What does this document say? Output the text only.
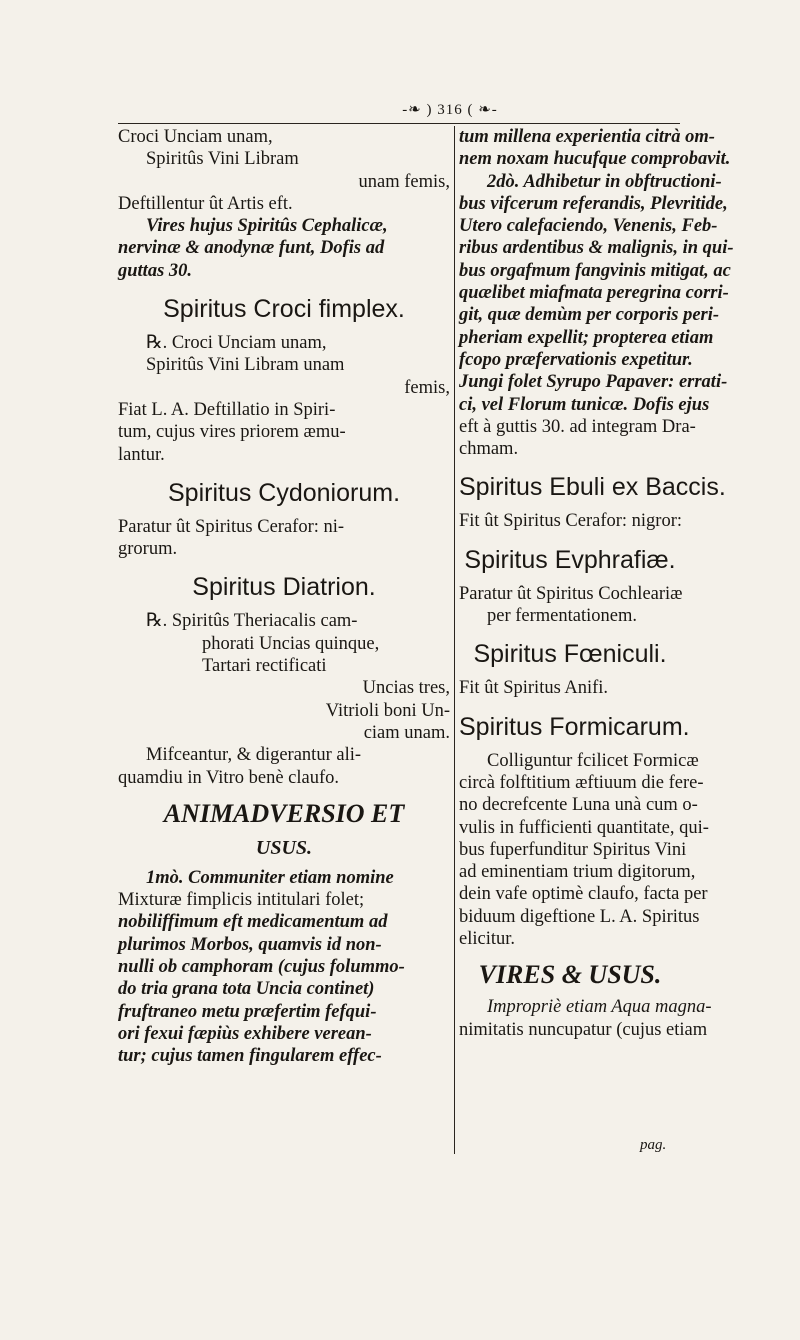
-❧ ) 316 ( ❧-
Croci Unciam unam,
Spiritûs Vini Libram
unam femis,
Deftillentur ût Artis eft.
Vires hujus Spiritûs Cephalicæ,
nervinæ & anodynæ funt, Dofis ad
guttas 30.
Spiritus Croci fimplex.
℞. Croci Unciam unam,
Spiritûs Vini Libram unam
femis,
Fiat L. A. Deftillatio in Spiri-
tum, cujus vires priorem æmu-
lantur.
Spiritus Cydoniorum.
Paratur ût Spiritus Cerafor: ni-
grorum.
Spiritus Diatrion.
℞. Spiritûs Theriacalis cam-
phorati Uncias quinque,
Tartari rectificati
Uncias tres,
Vitrioli boni Un-
ciam unam.
Mifceantur, & digerantur ali-
quamdiu in Vitro benè claufo.
ANIMADVERSIO ET
USUS.
1mò. Communiter etiam nomine
Mixturæ fimplicis intitulari folet;
nobiliffimum eft medicamentum ad
plurimos Morbos, quamvis id non-
nulli ob camphoram (cujus folummo-
do tria grana tota Uncia continet)
fruftraneo metu præfertim fefqui-
ori fexui fæpiùs exhibere verean-
tur; cujus tamen fingularem effec-
tum millena experientia citrà om-
nem noxam hucufque comprobavit.
2dò. Adhibetur in obftructioni-
bus vifcerum referandis, Plevritide,
Utero calefaciendo, Venenis, Feb-
ribus ardentibus & malignis, in qui-
bus orgafmum fangvinis mitigat, ac
quælibet miafmata peregrina corri-
git, quæ demùm per corporis peri-
pheriam expellit; propterea etiam
fcopo præfervationis expetitur.
Jungi folet Syrupo Papaver: errati-
ci, vel Florum tunicæ. Dofis ejus
eft à guttis 30. ad integram Dra-
chmam.
Spiritus Ebuli ex Baccis.
Fit ût Spiritus Cerafor: nigror:
Spiritus Evphrafiæ.
Paratur ût Spiritus Cochleariæ
per fermentationem.
Spiritus Fœniculi.
Fit ût Spiritus Anifi.
Spiritus Formicarum.
Colliguntur fcilicet Formicæ
circà folftitium æftiuum die fere-
no decrefcente Luna unà cum o-
vulis in fufficienti quantitate, qui-
bus fuperfunditur Spiritus Vini
ad eminentiam trium digitorum,
dein vafe optimè claufo, facta per
biduum digeftione L. A. Spiritus
elicitur.
VIRES & USUS.
Impropriè etiam Aqua magna-
nimitatis nuncupatur (cujus etiam
pag.
